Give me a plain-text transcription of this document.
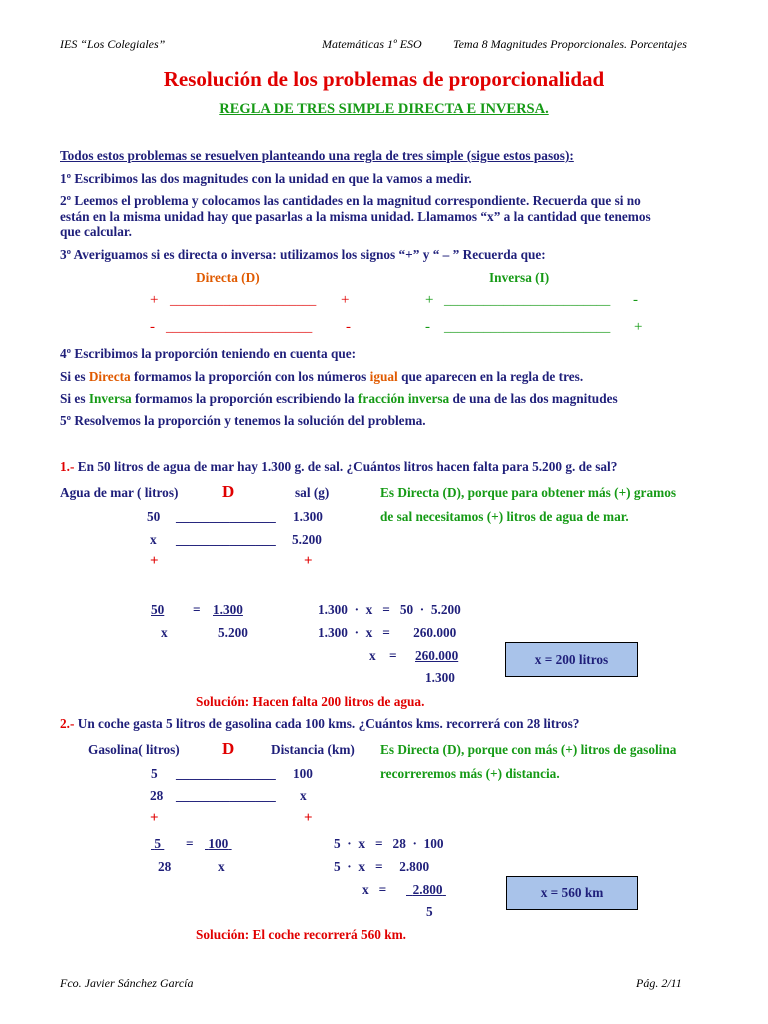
IES “Los Colegiales”	Matemáticas 1º ESO	Tema 8 Magnitudes Proporcionales. Porcentajes
Resolución de los problemas de proporcionalidad
REGLA DE TRES SIMPLE DIRECTA E INVERSA.
Todos estos problemas se resuelven planteando una regla de tres simple (sigue estos pasos):
1º Escribimos las dos magnitudes con la unidad en que la vamos a medir.
2º Leemos el problema y colocamos las cantidades en la magnitud correspondiente. Recuerda que si no
están en la misma unidad hay que pasarlas a la misma unidad. Llamamos “x” a la cantidad que tenemos
que calcular.
3º Averiguamos si es directa o inversa: utilizamos los signos “+” y “ – ” Recuerda que:
Directa (D)	Inversa (I)
+ ______________________ +	+ _________________________ -
- ______________________ -	- _________________________ +
4º Escribimos la proporción teniendo en cuenta que:
Si es Directa formamos la proporción con los números igual que aparecen en la regla de tres.
Si es Inversa formamos la proporción escribiendo la fracción inversa de una de las dos magnitudes
5º Resolvemos la proporción y tenemos la solución del problema.
1.- En 50 litros de agua de mar hay 1.300 g. de sal. ¿Cuántos litros hacen falta para 5.200 g. de sal?
Agua de mar ( litros)	D	sal (g)	Es Directa (D), porque para obtener más (+) gramos
de sal necesitamos (+) litros de agua de mar.
50 _______________ 1.300
x _______________ 5.200
+	+
50 = 1.300
x	5.200
1.300  ·  x   =   50  ·  5.200
1.300  ·  x   =       260.000
x    = 260.000
1.300
x = 200 litros
Solución: Hacen falta 200 litros de agua.
2.- Un coche gasta 5 litros de gasolina cada 100 kms. ¿Cuántos kms. recorrerá con 28 litros?
Gasolina( litros) D	Distancia (km) Es Directa (D), porque con más (+) litros de gasolina
recorreremos más (+) distancia.
5 _______________ 100
28 _______________ x
+	+
5 = 100
28	x
5  ·  x   =   28  ·  100
5  ·  x   =     2.800
x   =	2.800
5
x = 560 km
Solución: El coche recorrerá 560 km.
Fco. Javier Sánchez García	Pág. 2/11
